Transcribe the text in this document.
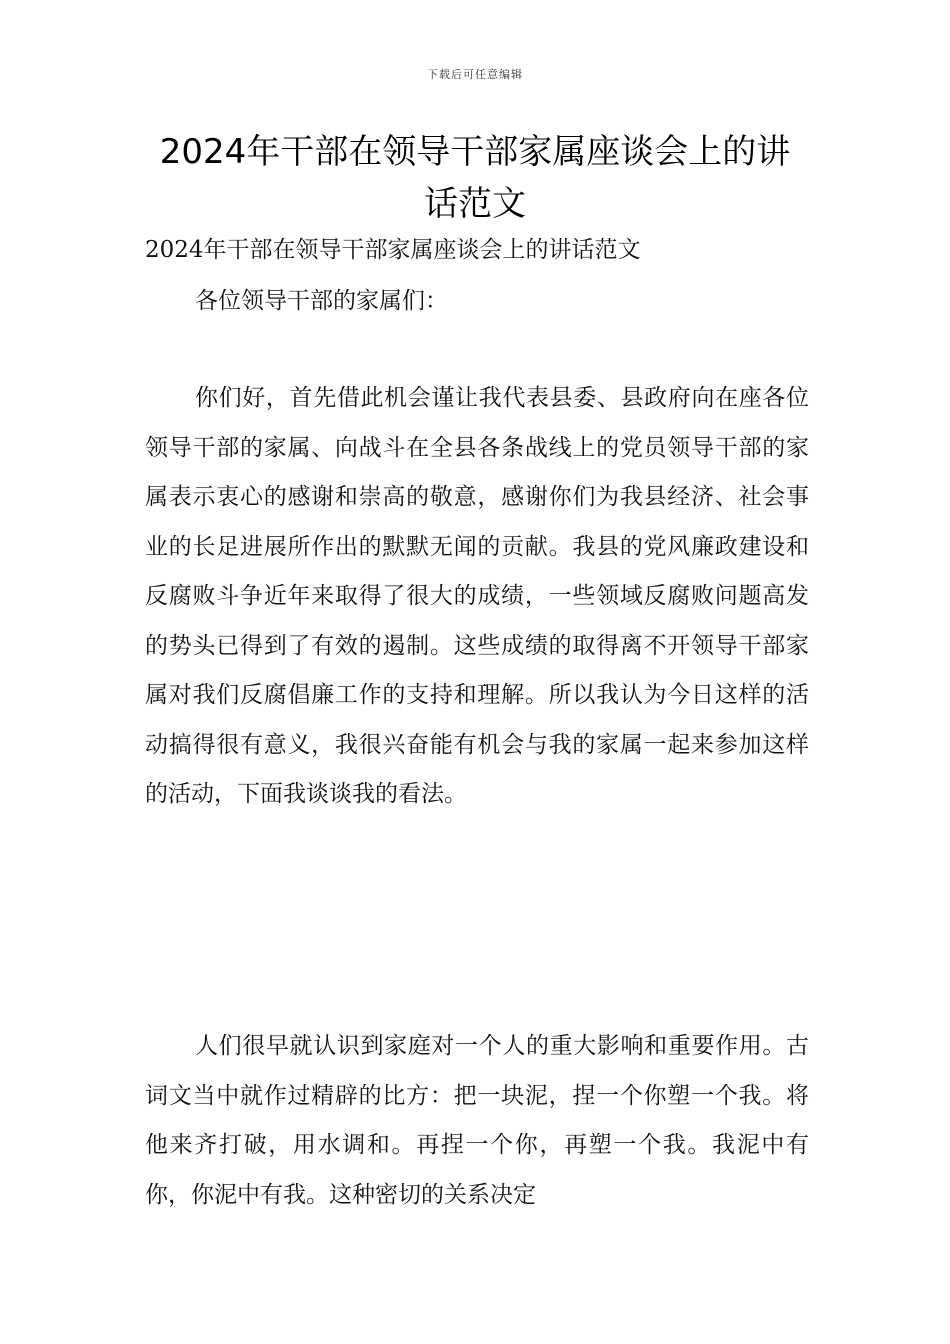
下载后可任意编辑
2024年干部在领导干部家属座谈会上的讲话范文
2024年干部在领导干部家属座谈会上的讲话范文
各位领导干部的家属们：

你们好，首先借此机会谨让我代表县委、县政府向在座各位领导干部的家属、向战斗在全县各条战线上的党员领导干部的家属表示衷心的感谢和崇高的敬意，感谢你们为我县经济、社会事业的长足进展所作出的默默无闻的贡献。我县的党风廉政建设和反腐败斗争近年来取得了很大的成绩，一些领域反腐败问题高发的势头已得到了有效的遏制。这些成绩的取得离不开领导干部家属对我们反腐倡廉工作的支持和理解。所以我认为今日这样的活动搞得很有意义，我很兴奋能有机会与我的家属一起来参加这样的活动，下面我谈谈我的看法。

人们很早就认识到家庭对一个人的重大影响和重要作用。古词文当中就作过精辟的比方：把一块泥，捏一个你塑一个我。将他来齐打破，用水调和。再捏一个你，再塑一个我。我泥中有你，你泥中有我。这种密切的关系决定
